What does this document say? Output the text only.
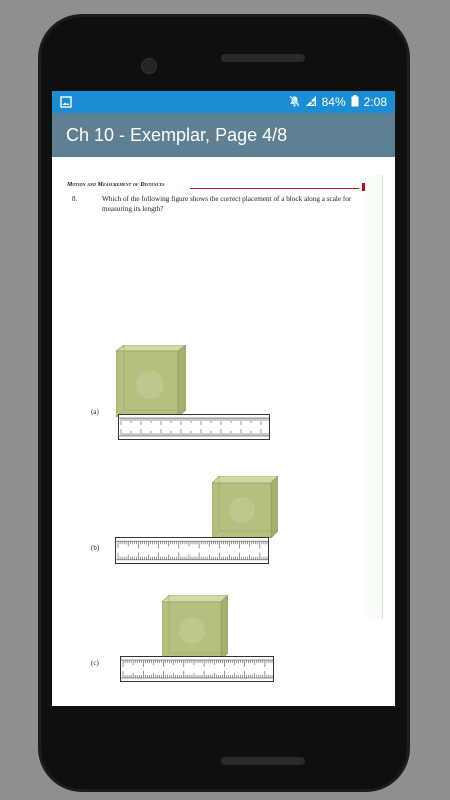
84% 2:08
Ch 10 - Exemplar, Page 4/8
Motion and Measurement of Distances
8.	Which of the following figure shows the correct placement of a block along a scale for measuring its length?
(a)
(b)
(c)
